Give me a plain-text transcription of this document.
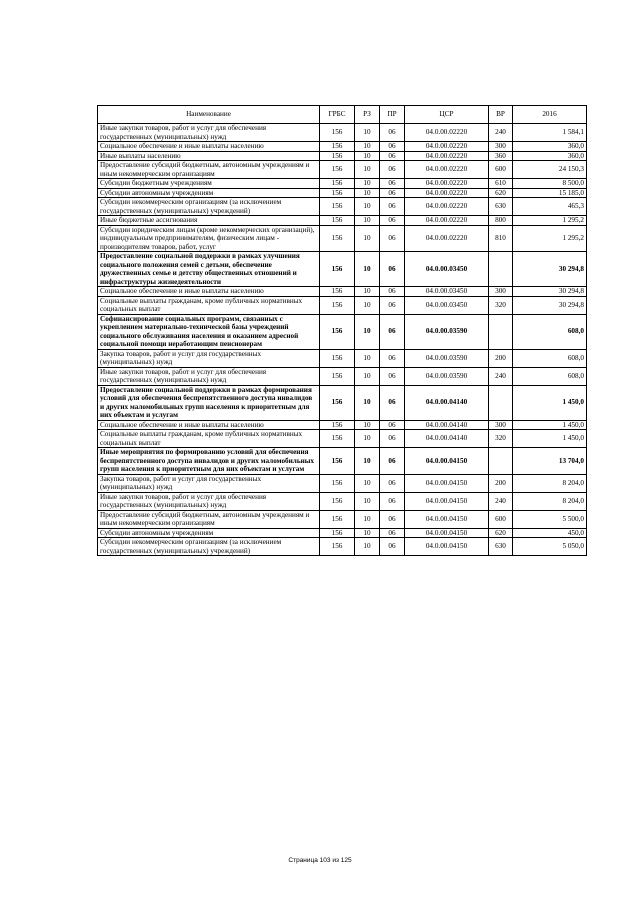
Наименование	ГРБС	РЗ	ПР	ЦСР	ВР	2016
Иные закупки товаров, работ и услуг для обеспечения государственных (муниципальных) нужд	156	10	06	04.0.00.02220	240	1 584,1
Социальное обеспечение и иные выплаты населению	156	10	06	04.0.00.02220	300	360,0
Иные выплаты населению	156	10	06	04.0.00.02220	360	360,0
Предоставление субсидий бюджетным, автономным учреждениям и иным некоммерческим организациям	156	10	06	04.0.00.02220	600	24 150,3
Субсидии бюджетным учреждениям	156	10	06	04.0.00.02220	610	8 500,0
Субсидии автономным учреждениям	156	10	06	04.0.00.02220	620	15 185,0
Субсидии некоммерческим организациям (за исключением государственных (муниципальных) учреждений)	156	10	06	04.0.00.02220	630	465,3
Иные бюджетные ассигнования	156	10	06	04.0.00.02220	800	1 295,2
Субсидии юридическим лицам (кроме некоммерческих организаций), индивидуальным предпринимателям, физическим лицам - производителям товаров, работ, услуг	156	10	06	04.0.00.02220	810	1 295,2
Предоставление социальной поддержки в рамках улучшения социального положения семей с детьми, обеспечение дружественных семье и детству общественных отношений и инфраструктуры жизнедеятельности	156	10	06	04.0.00.03450		30 294,8
Социальное обеспечение и иные выплаты населению	156	10	06	04.0.00.03450	300	30 294,8
Социальные выплаты гражданам, кроме публичных нормативных социальных выплат	156	10	06	04.0.00.03450	320	30 294,8
Софинансирование социальных программ, связанных с укреплением материально-технической базы учреждений социального обслуживания населения и оказанием адресной социальной помощи неработающим пенсионерам	156	10	06	04.0.00.03590		608,0
Закупка товаров, работ и услуг для государственных (муниципальных) нужд	156	10	06	04.0.00.03590	200	608,0
Иные закупки товаров, работ и услуг для обеспечения государственных (муниципальных) нужд	156	10	06	04.0.00.03590	240	608,0
Предоставление социальной поддержки в рамках формирования условий для обеспечения беспрепятственного доступа инвалидов и других маломобильных групп населения к приоритетным для них объектам и услугам	156	10	06	04.0.00.04140		1 450,0
Социальное обеспечение и иные выплаты населению	156	10	06	04.0.00.04140	300	1 450,0
Социальные выплаты гражданам, кроме публичных нормативных социальных выплат	156	10	06	04.0.00.04140	320	1 450,0
Иные мероприятия по формированию условий для обеспечения беспрепятственного доступа инвалидов и других маломобильных групп населения к приоритетным для них объектам и услугам	156	10	06	04.0.00.04150		13 704,0
Закупка товаров, работ и услуг для государственных (муниципальных) нужд	156	10	06	04.0.00.04150	200	8 204,0
Иные закупки товаров, работ и услуг для обеспечения государственных (муниципальных) нужд	156	10	06	04.0.00.04150	240	8 204,0
Предоставление субсидий бюджетным, автономным учреждениям и иным некоммерческим организациям	156	10	06	04.0.00.04150	600	5 500,0
Субсидии автономным учреждениям	156	10	06	04.0.00.04150	620	450,0
Субсидии некоммерческим организациям (за исключением государственных (муниципальных) учреждений)	156	10	06	04.0.00.04150	630	5 050,0
Страница 103 из 125
